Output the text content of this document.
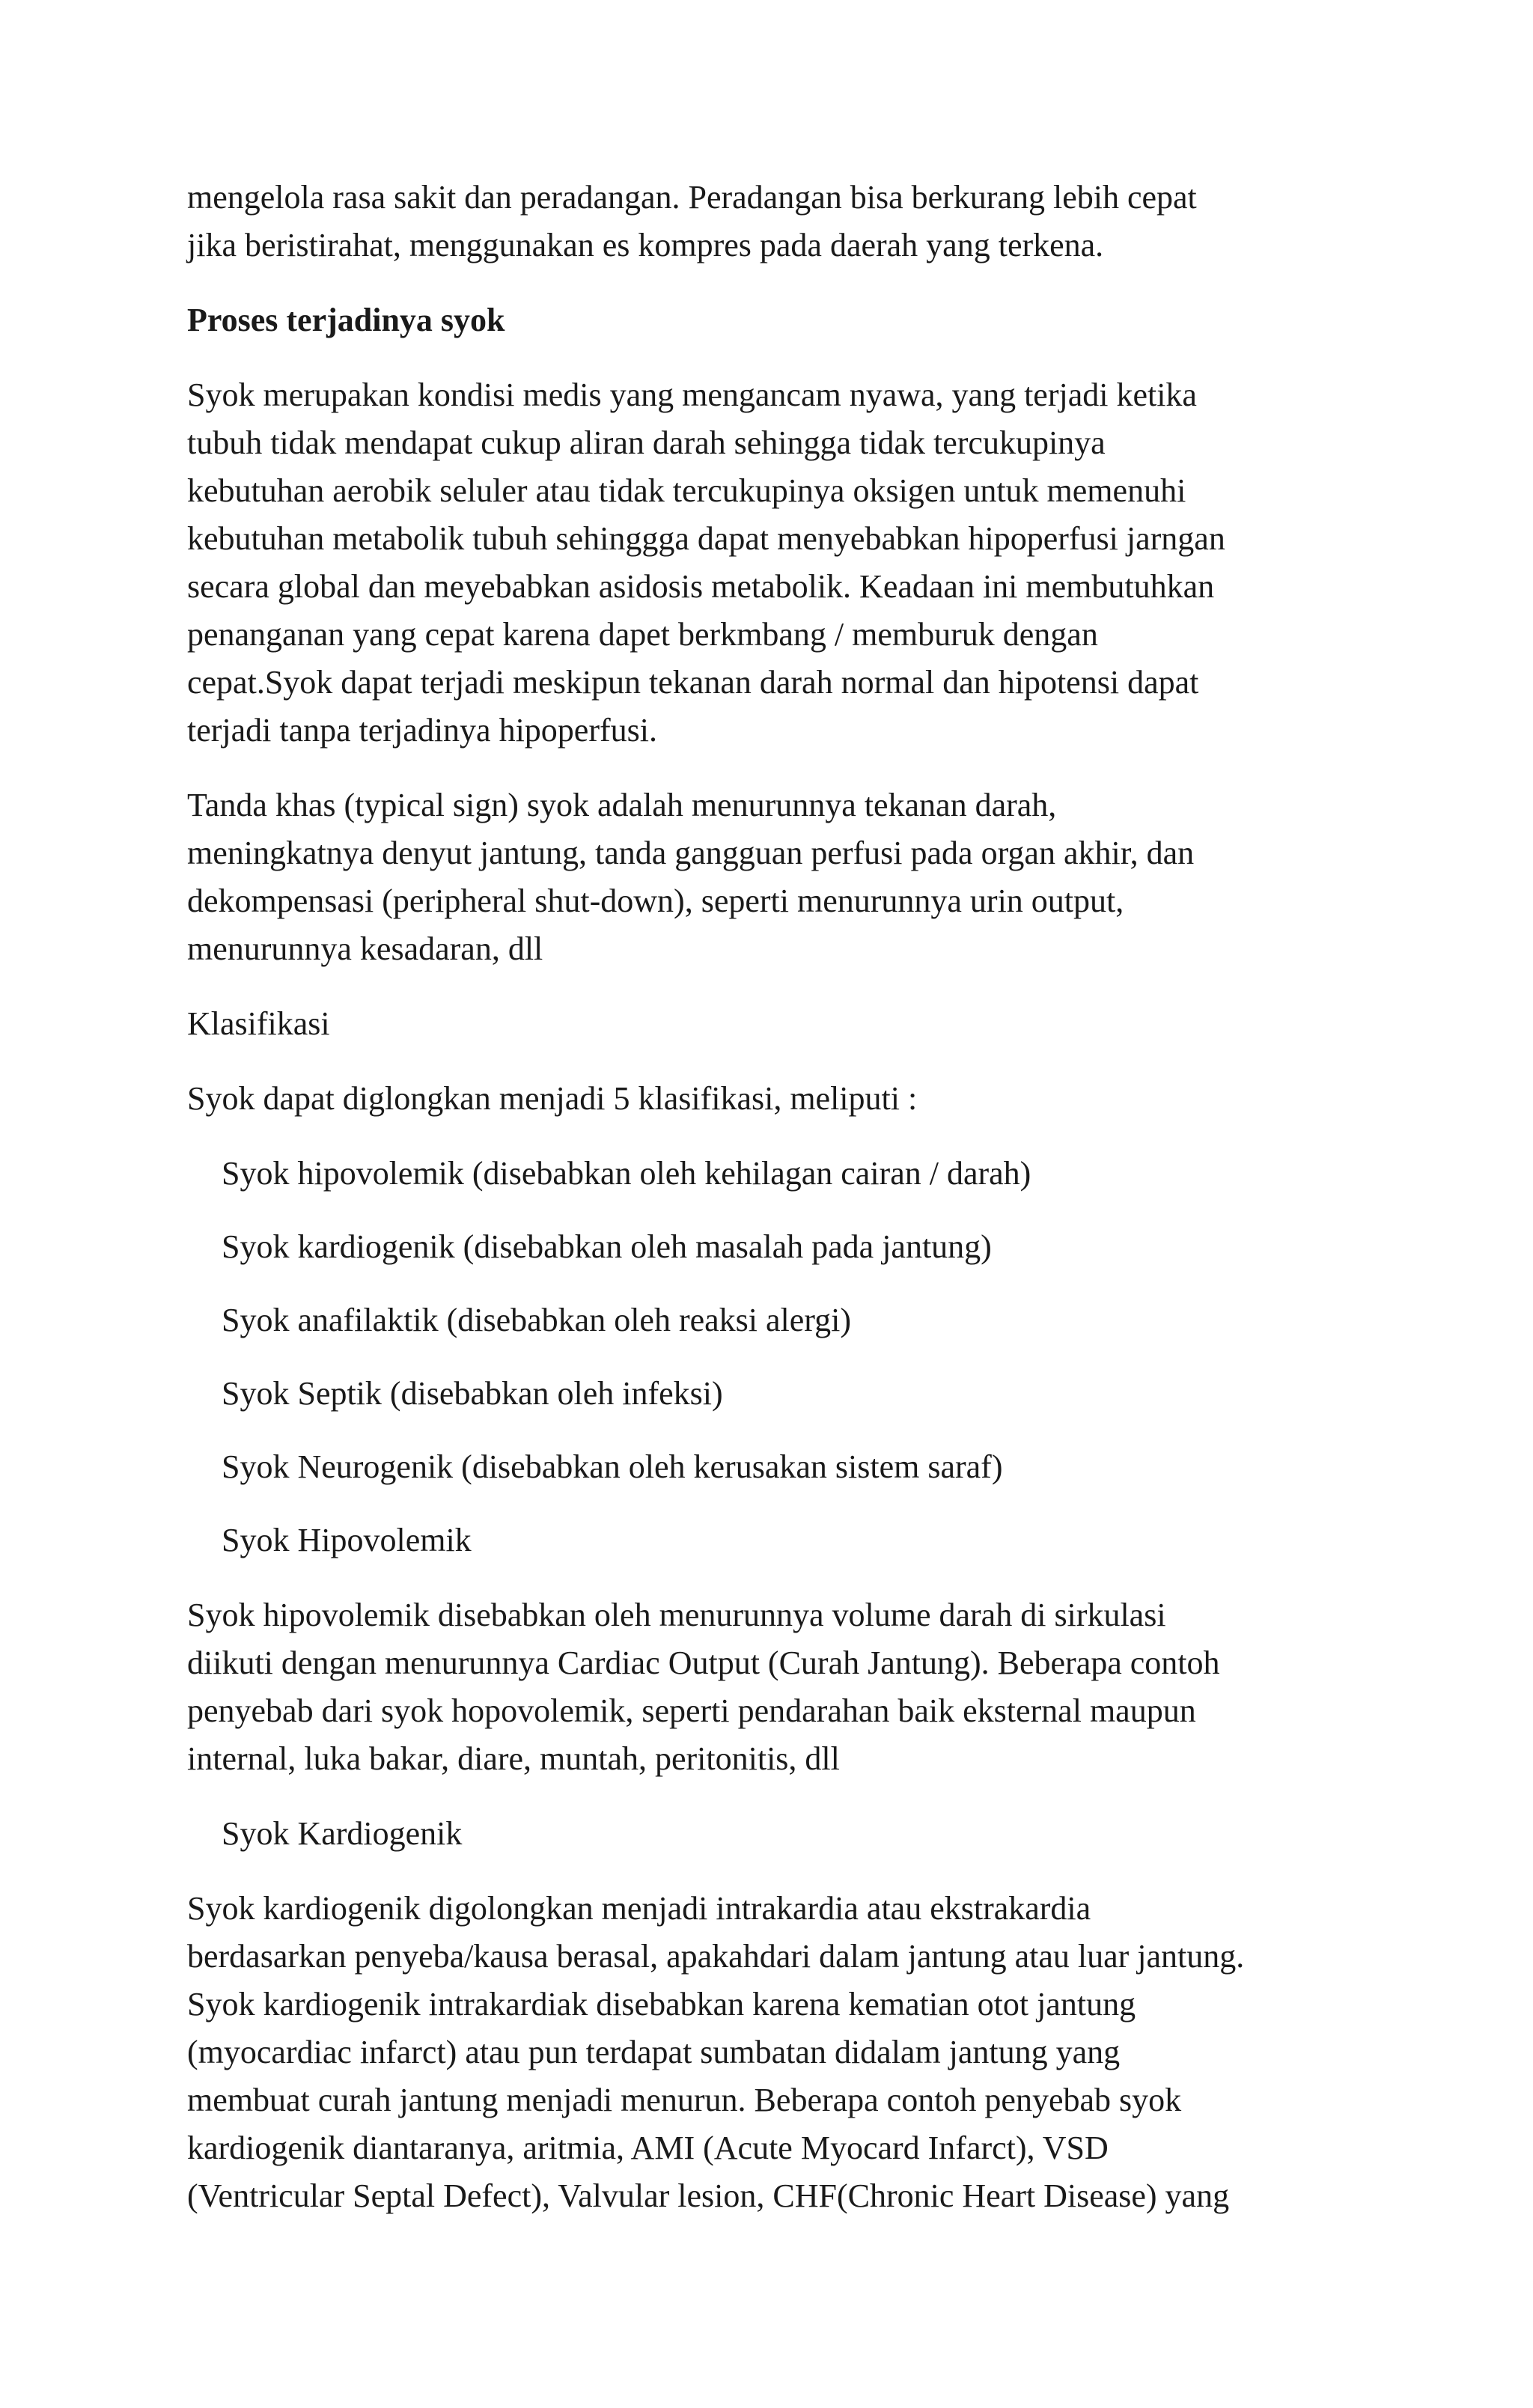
mengelola rasa sakit dan peradangan. Peradangan bisa berkurang lebih cepat
jika beristirahat, menggunakan es kompres pada daerah yang terkena.

Proses terjadinya syok

Syok merupakan kondisi medis yang mengancam nyawa, yang terjadi ketika
tubuh tidak mendapat cukup aliran darah sehingga tidak tercukupinya
kebutuhan aerobik seluler atau tidak tercukupinya oksigen untuk memenuhi
kebutuhan metabolik tubuh sehinggga dapat menyebabkan hipoperfusi jarngan
secara global dan meyebabkan asidosis metabolik. Keadaan ini membutuhkan
penanganan yang cepat karena dapet berkmbang / memburuk dengan
cepat.Syok dapat terjadi meskipun tekanan darah normal dan hipotensi dapat
terjadi tanpa terjadinya hipoperfusi.

Tanda khas (typical sign) syok adalah menurunnya tekanan darah,
meningkatnya denyut jantung, tanda gangguan perfusi pada organ akhir, dan
dekompensasi (peripheral shut-down), seperti menurunnya urin output,
menurunnya kesadaran, dll

Klasifikasi

Syok dapat diglongkan menjadi 5 klasifikasi, meliputi :

Syok hipovolemik (disebabkan oleh kehilagan cairan / darah)

Syok kardiogenik (disebabkan oleh masalah pada jantung)

Syok anafilaktik (disebabkan oleh reaksi alergi)

Syok Septik (disebabkan oleh infeksi)

Syok Neurogenik (disebabkan oleh kerusakan sistem saraf)

Syok Hipovolemik

Syok hipovolemik disebabkan oleh menurunnya volume darah di sirkulasi
diikuti dengan menurunnya Cardiac Output (Curah Jantung). Beberapa contoh
penyebab dari syok hopovolemik, seperti pendarahan baik eksternal maupun
internal, luka bakar, diare, muntah, peritonitis, dll

Syok Kardiogenik

Syok kardiogenik digolongkan menjadi intrakardia atau ekstrakardia
berdasarkan penyeba/kausa berasal, apakahdari dalam jantung atau luar jantung.
Syok kardiogenik intrakardiak disebabkan karena kematian otot jantung
(myocardiac infarct) atau pun terdapat sumbatan didalam jantung yang
membuat curah jantung menjadi menurun. Beberapa contoh penyebab syok
kardiogenik diantaranya, aritmia, AMI (Acute Myocard Infarct), VSD
(Ventricular Septal Defect), Valvular lesion, CHF(Chronic Heart Disease) yang
